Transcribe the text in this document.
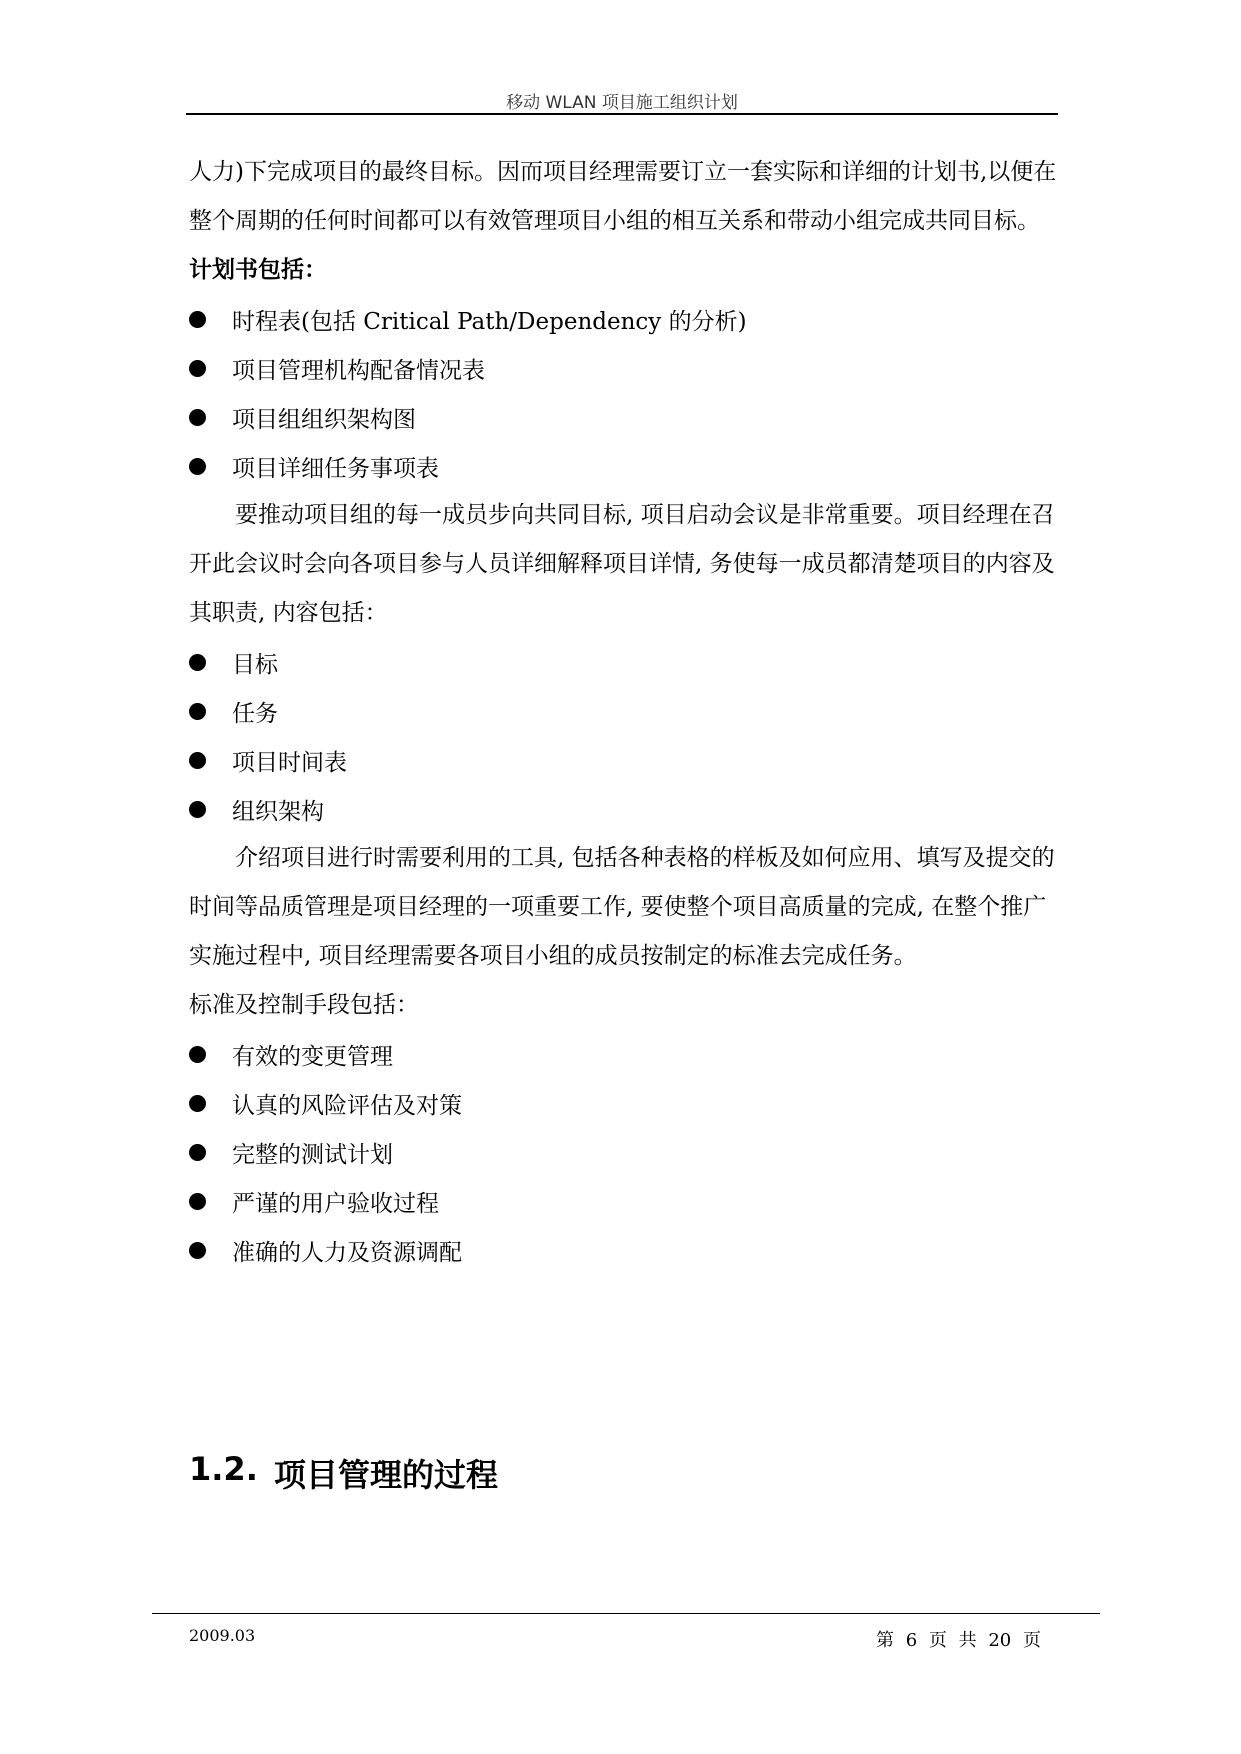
移动 WLAN 项目施工组织计划

人力)下完成项目的最终目标。因而项目经理需要订立一套实际和详细的计划书,以便在整个周期的任何时间都可以有效管理项目小组的相互关系和带动小组完成共同目标。

计划书包括：

时程表(包括 Critical Path/Dependency 的分析)
项目管理机构配备情况表
项目组组织架构图
项目详细任务事项表

要推动项目组的每一成员步向共同目标, 项目启动会议是非常重要。项目经理在召开此会议时会向各项目参与人员详细解释项目详情, 务使每一成员都清楚项目的内容及其职责, 内容包括：

目标
任务
项目时间表
组织架构

介绍项目进行时需要利用的工具, 包括各种表格的样板及如何应用、填写及提交的时间等品质管理是项目经理的一项重要工作, 要使整个项目高质量的完成, 在整个推广实施过程中, 项目经理需要各项目小组的成员按制定的标准去完成任务。

标准及控制手段包括：

有效的变更管理
认真的风险评估及对策
完整的测试计划
严谨的用户验收过程
准确的人力及资源调配
1.2. 项目管理的过程
2009.03	第 6 页 共 20 页
